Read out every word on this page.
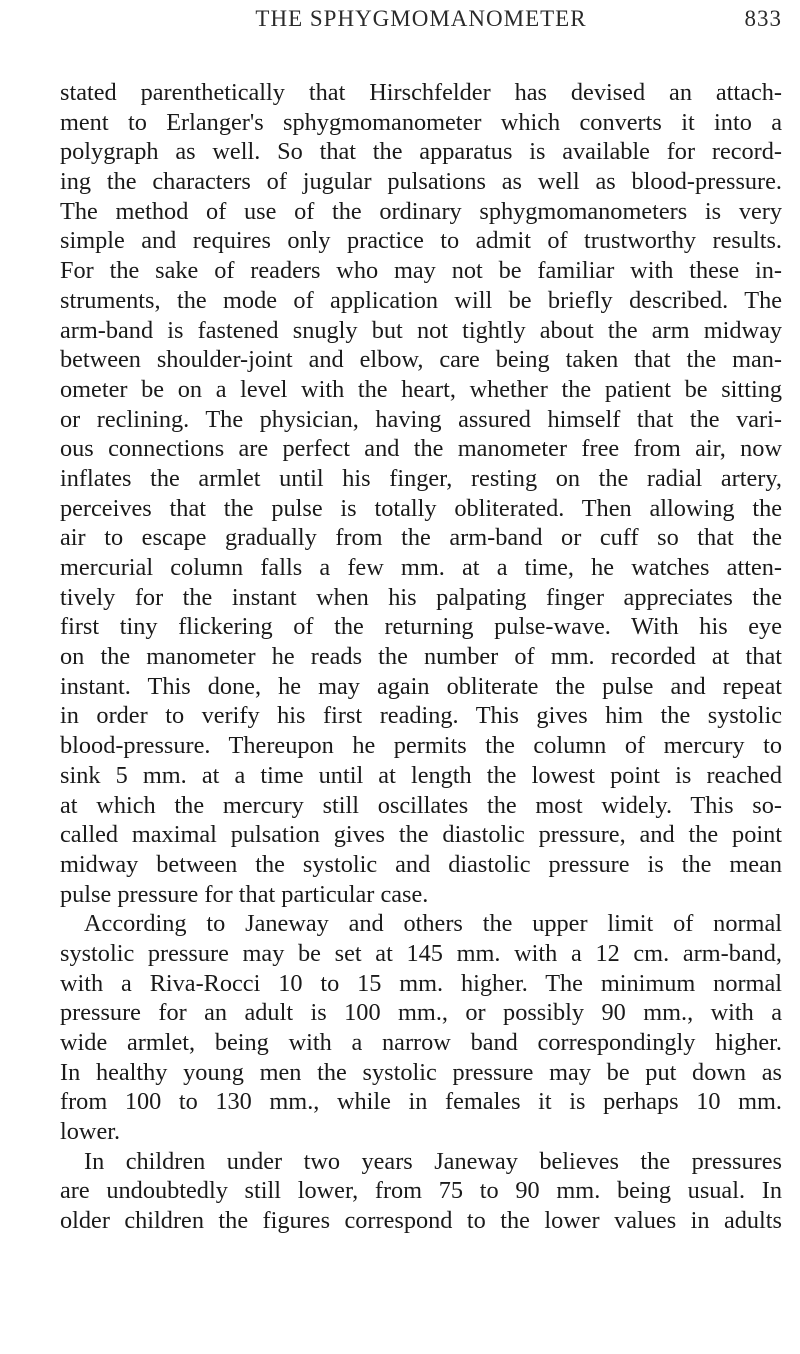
THE SPHYGMOMANOMETER	833
stated parenthetically that Hirschfelder has devised an attach-
ment to Erlanger's sphygmomanometer which converts it into a
polygraph as well. So that the apparatus is available for record-
ing the characters of jugular pulsations as well as blood-pressure.
The method of use of the ordinary sphygmomanometers is very
simple and requires only practice to admit of trustworthy results.
For the sake of readers who may not be familiar with these in-
struments, the mode of application will be briefly described. The
arm-band is fastened snugly but not tightly about the arm midway
between shoulder-joint and elbow, care being taken that the man-
ometer be on a level with the heart, whether the patient be sitting
or reclining. The physician, having assured himself that the vari-
ous connections are perfect and the manometer free from air, now
inflates the armlet until his finger, resting on the radial artery,
perceives that the pulse is totally obliterated. Then allowing the
air to escape gradually from the arm-band or cuff so that the
mercurial column falls a few mm. at a time, he watches atten-
tively for the instant when his palpating finger appreciates the
first tiny flickering of the returning pulse-wave. With his eye
on the manometer he reads the number of mm. recorded at that
instant. This done, he may again obliterate the pulse and repeat
in order to verify his first reading. This gives him the systolic
blood-pressure. Thereupon he permits the column of mercury to
sink 5 mm. at a time until at length the lowest point is reached
at which the mercury still oscillates the most widely. This so-
called maximal pulsation gives the diastolic pressure, and the point
midway between the systolic and diastolic pressure is the mean
pulse pressure for that particular case.
According to Janeway and others the upper limit of normal
systolic pressure may be set at 145 mm. with a 12 cm. arm-band,
with a Riva-Rocci 10 to 15 mm. higher. The minimum normal
pressure for an adult is 100 mm., or possibly 90 mm., with a
wide armlet, being with a narrow band correspondingly higher.
In healthy young men the systolic pressure may be put down as
from 100 to 130 mm., while in females it is perhaps 10 mm.
lower.
In children under two years Janeway believes the pressures
are undoubtedly still lower, from 75 to 90 mm. being usual. In
older children the figures correspond to the lower values in adults
